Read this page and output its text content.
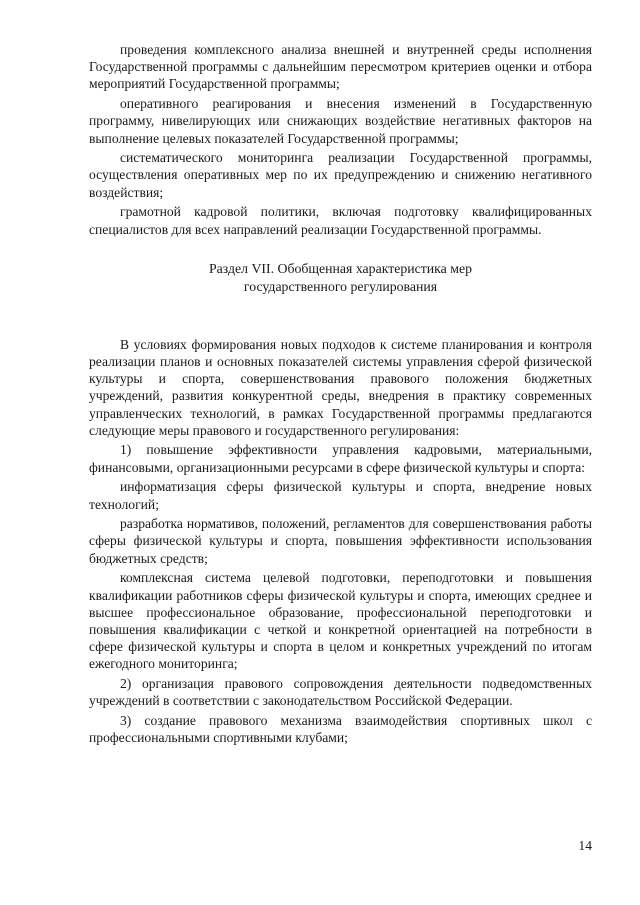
проведения комплексного анализа внешней и внутренней среды исполнения Государственной программы с дальнейшим пересмотром критериев оценки и отбора мероприятий Государственной программы;

оперативного реагирования и внесения изменений в Государственную программу, нивелирующих или снижающих воздействие негативных факторов на выполнение целевых показателей Государственной программы;

систематического мониторинга реализации Государственной программы, осуществления оперативных мер по их предупреждению и снижению негативного воздействия;

грамотной кадровой политики, включая подготовку квалифицированных специалистов для всех направлений реализации Государственной программы.

Раздел VII. Обобщенная характеристика мер
государственного регулирования

В условиях формирования новых подходов к системе планирования и контроля реализации планов и основных показателей системы управления сферой физической культуры и спорта, совершенствования правового положения бюджетных учреждений, развития конкурентной среды, внедрения в практику современных управленческих технологий, в рамках Государственной программы предлагаются следующие меры правового и государственного регулирования:

1) повышение эффективности управления кадровыми, материальными, финансовыми, организационными ресурсами в сфере физической культуры и спорта:

информатизация сферы физической культуры и спорта, внедрение новых технологий;

разработка нормативов, положений, регламентов для совершенствования работы сферы физической культуры и спорта, повышения эффективности использования бюджетных средств;

комплексная система целевой подготовки, переподготовки и повышения квалификации работников сферы физической культуры и спорта, имеющих среднее и высшее профессиональное образование, профессиональной переподготовки и повышения квалификации с четкой и конкретной ориентацией на потребности в сфере физической культуры и спорта в целом и конкретных учреждений по итогам ежегодного мониторинга;

2) организация правового сопровождения деятельности подведомственных учреждений в соответствии с законодательством Российской Федерации.

3) создание правового механизма взаимодействия спортивных школ с профессиональными спортивными клубами;

14
